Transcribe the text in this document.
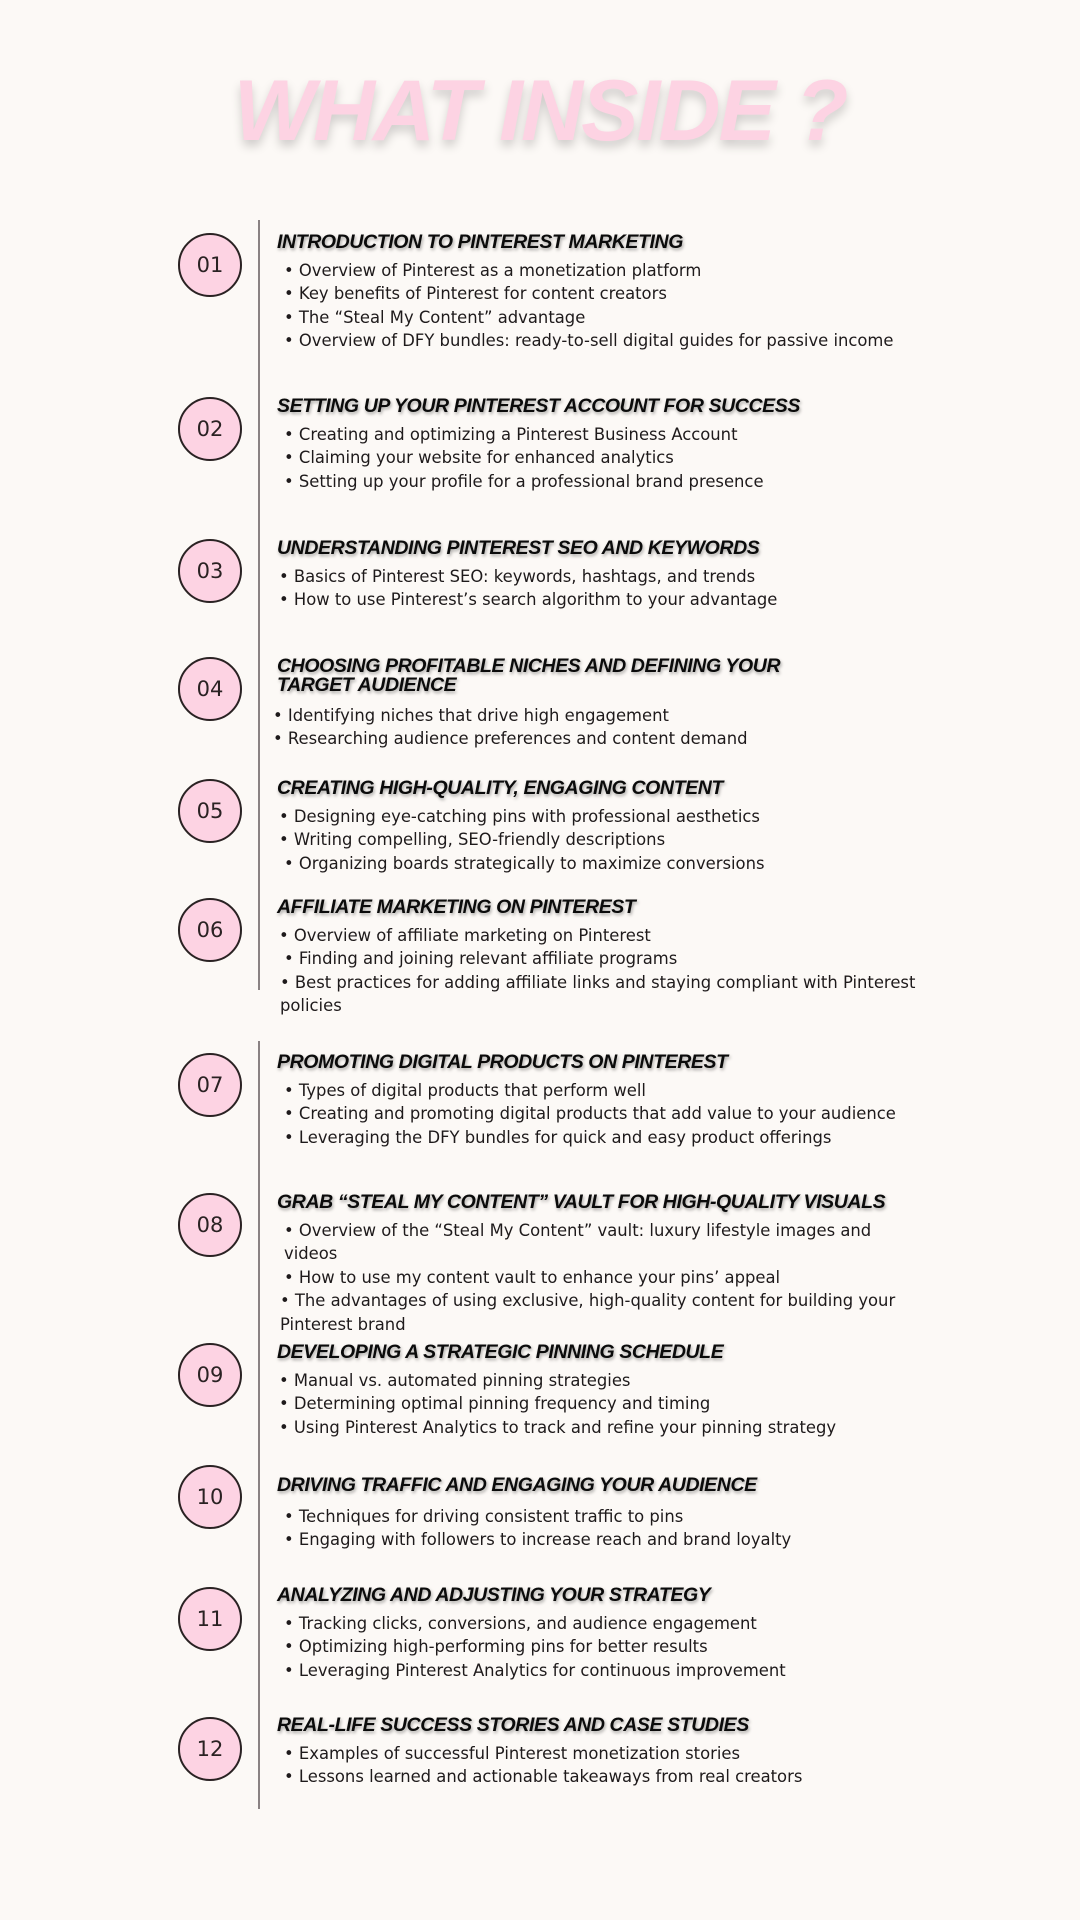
WHAT INSIDE ?
01
INTRODUCTION TO PINTEREST MARKETING
• Overview of Pinterest as a monetization platform
• Key benefits of Pinterest for content creators
• The “Steal My Content” advantage
• Overview of DFY bundles: ready-to-sell digital guides for passive income
02
SETTING UP YOUR PINTEREST ACCOUNT FOR SUCCESS
• Creating and optimizing a Pinterest Business Account
• Claiming your website for enhanced analytics
• Setting up your profile for a professional brand presence
03
UNDERSTANDING PINTEREST SEO AND KEYWORDS
• Basics of Pinterest SEO: keywords, hashtags, and trends
• How to use Pinterest’s search algorithm to your advantage
04
CHOOSING PROFITABLE NICHES AND DEFINING YOUR TARGET AUDIENCE
• Identifying niches that drive high engagement
• Researching audience preferences and content demand
05
CREATING HIGH-QUALITY, ENGAGING CONTENT
• Designing eye-catching pins with professional aesthetics
• Writing compelling, SEO-friendly descriptions
• Organizing boards strategically to maximize conversions
06
AFFILIATE MARKETING ON PINTEREST
• Overview of affiliate marketing on Pinterest
• Finding and joining relevant affiliate programs
• Best practices for adding affiliate links and staying compliant with Pinterest policies
07
PROMOTING DIGITAL PRODUCTS ON PINTEREST
• Types of digital products that perform well
• Creating and promoting digital products that add value to your audience
• Leveraging the DFY bundles for quick and easy product offerings
08
GRAB “STEAL MY CONTENT” VAULT FOR HIGH-QUALITY VISUALS
• Overview of the “Steal My Content” vault: luxury lifestyle images and videos
• How to use my content vault to enhance your pins’ appeal
• The advantages of using exclusive, high-quality content for building your Pinterest brand
09
DEVELOPING A STRATEGIC PINNING SCHEDULE
• Manual vs. automated pinning strategies
• Determining optimal pinning frequency and timing
• Using Pinterest Analytics to track and refine your pinning strategy
10	DRIVING TRAFFIC AND ENGAGING YOUR AUDIENCE
• Techniques for driving consistent traffic to pins
• Engaging with followers to increase reach and brand loyalty
11
ANALYZING AND ADJUSTING YOUR STRATEGY
• Tracking clicks, conversions, and audience engagement
• Optimizing high-performing pins for better results
• Leveraging Pinterest Analytics for continuous improvement
12
REAL-LIFE SUCCESS STORIES AND CASE STUDIES
• Examples of successful Pinterest monetization stories
• Lessons learned and actionable takeaways from real creators
